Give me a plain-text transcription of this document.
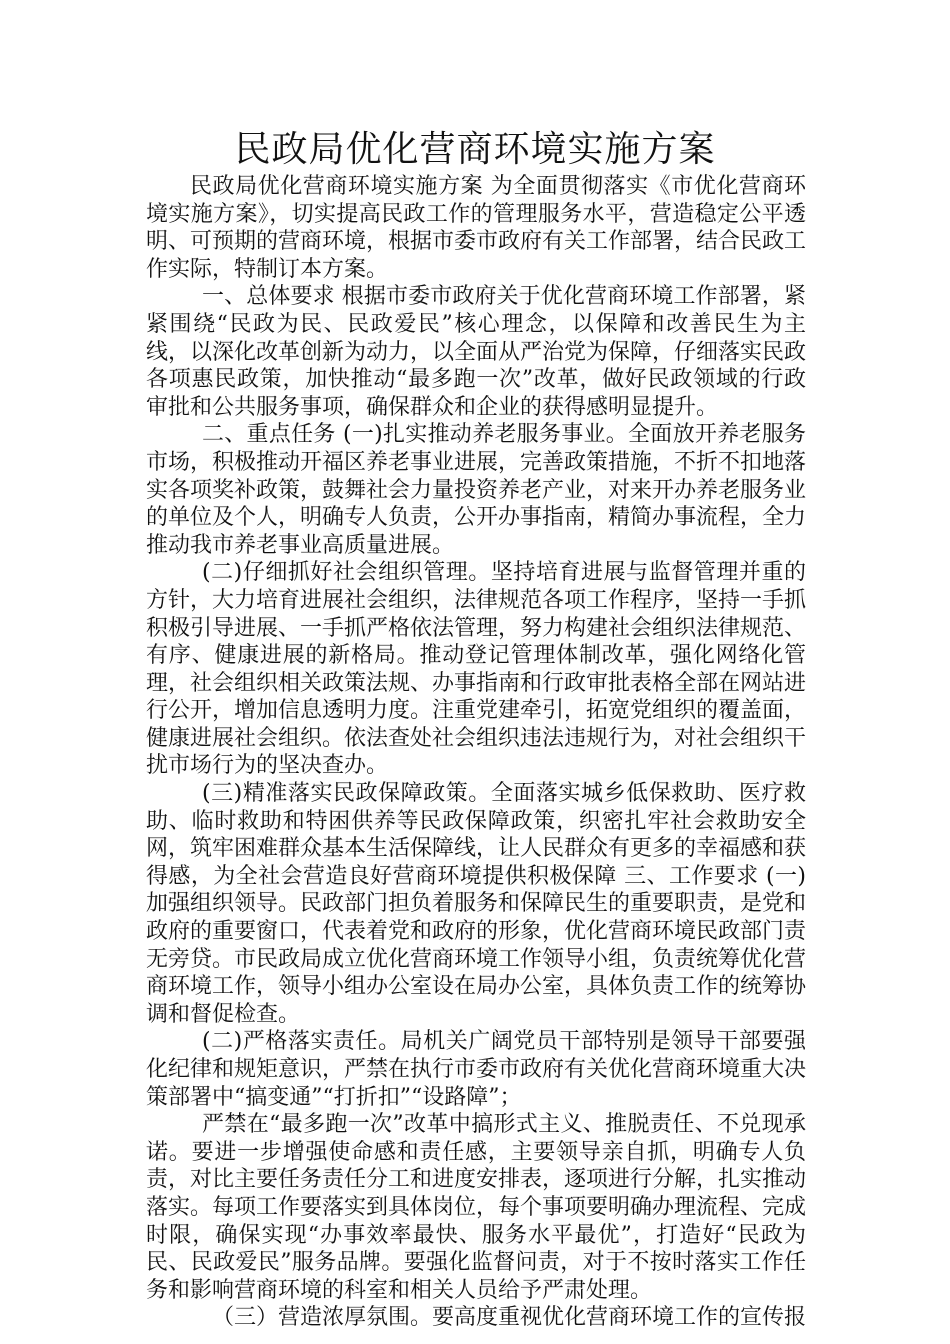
民政局优化营商环境实施方案

民政局优化营商环境实施方案 为全面贯彻落实《市优化营商环境实施方案》，切实提高民政工作的管理服务水平，营造稳定公平透明、可预期的营商环境，根据市委市政府有关工作部署，结合民政工作实际，特制订本方案。

一、总体要求 根据市委市政府关于优化营商环境工作部署，紧紧围绕“民政为民、民政爱民”核心理念，以保障和改善民生为主线，以深化改革创新为动力，以全面从严治党为保障，仔细落实民政各项惠民政策，加快推动“最多跑一次”改革，做好民政领域的行政审批和公共服务事项，确保群众和企业的获得感明显提升。

二、重点任务 (一)扎实推动养老服务事业。全面放开养老服务市场，积极推动开福区养老事业进展，完善政策措施，不折不扣地落实各项奖补政策，鼓舞社会力量投资养老产业，对来开办养老服务业的单位及个人，明确专人负责，公开办事指南，精简办事流程，全力推动我市养老事业高质量进展。

(二)仔细抓好社会组织管理。坚持培育进展与监督管理并重的方针，大力培育进展社会组织，法律规范各项工作程序，坚持一手抓积极引导进展、一手抓严格依法管理，努力构建社会组织法律规范、有序、健康进展的新格局。推动登记管理体制改革，强化网络化管理，社会组织相关政策法规、办事指南和行政审批表格全部在网站进行公开，增加信息透明力度。注重党建牵引，拓宽党组织的覆盖面，健康进展社会组织。依法查处社会组织违法违规行为，对社会组织干扰市场行为的坚决查办。

(三)精准落实民政保障政策。全面落实城乡低保救助、医疗救助、临时救助和特困供养等民政保障政策，织密扎牢社会救助安全网，筑牢困难群众基本生活保障线，让人民群众有更多的幸福感和获得感，为全社会营造良好营商环境提供积极保障 三、工作要求 (一)加强组织领导。民政部门担负着服务和保障民生的重要职责，是党和政府的重要窗口，代表着党和政府的形象，优化营商环境民政部门责无旁贷。市民政局成立优化营商环境工作领导小组，负责统筹优化营商环境工作，领导小组办公室设在局办公室，具体负责工作的统筹协调和督促检查。

(二)严格落实责任。局机关广阔党员干部特别是领导干部要强化纪律和规矩意识，严禁在执行市委市政府有关优化营商环境重大决策部署中“搞变通”“打折扣”“设路障”；

严禁在“最多跑一次”改革中搞形式主义、推脱责任、不兑现承诺。要进一步增强使命感和责任感，主要领导亲自抓，明确专人负责，对比主要任务责任分工和进度安排表，逐项进行分解，扎实推动落实。每项工作要落实到具体岗位，每个事项要明确办理流程、完成时限，确保实现“办事效率最快、服务水平最优”，打造好“民政为民、民政爱民”服务品牌。要强化监督问责，对于不按时落实工作任务和影响营商环境的科室和相关人员给予严肃处理。

（三）营造浓厚氛围。要高度重视优化营商环境工作的宣传报
